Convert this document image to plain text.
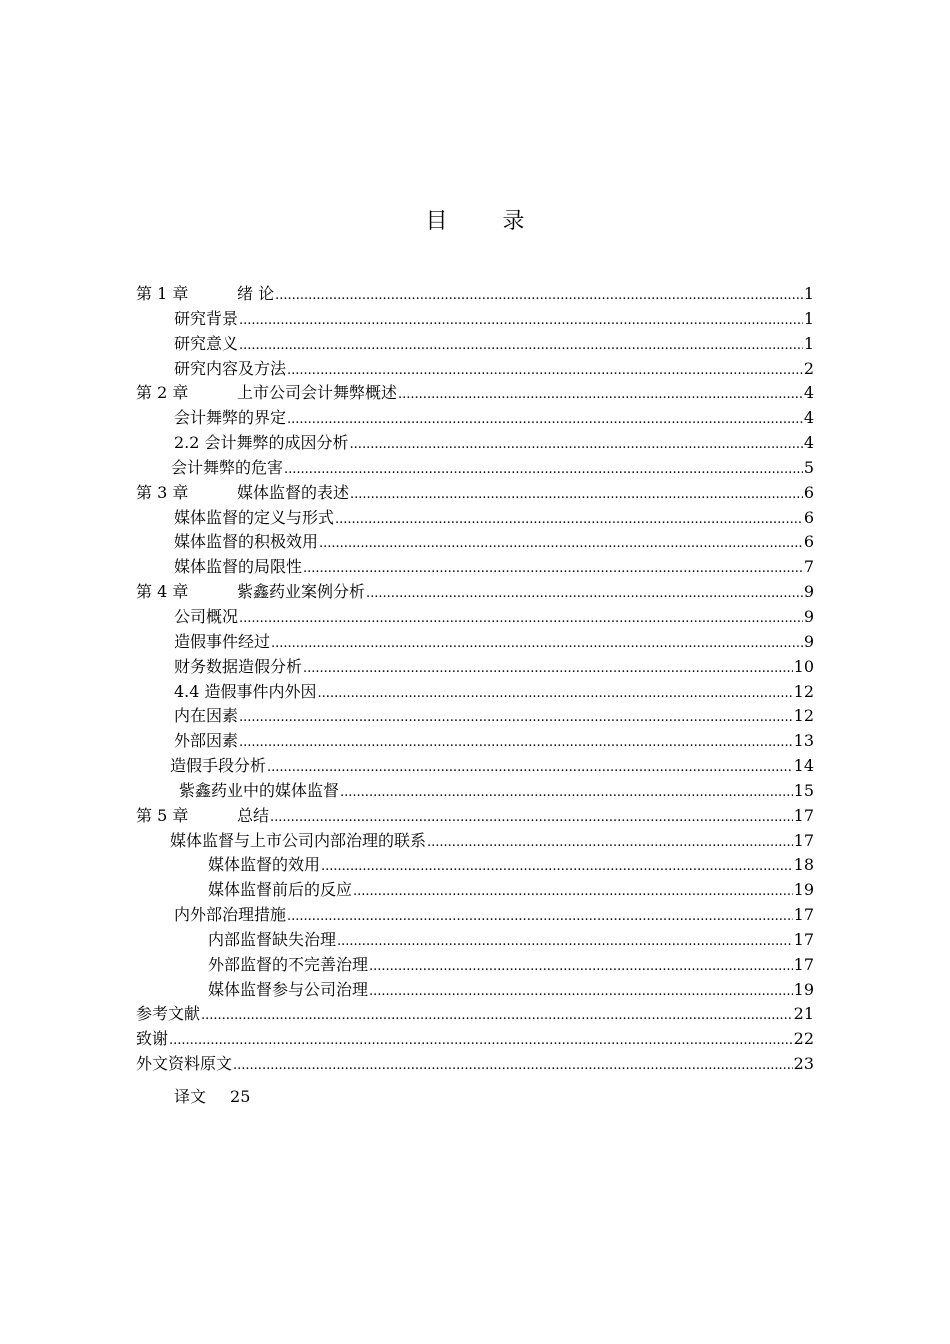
目 录
第 1 章	绪 论 .....	1
研究背景 .....	1
研究意义 .....	1
研究内容及方法 .....	2
第 2 章	上市公司会计舞弊概述 .....	4
会计舞弊的界定 .....	4
2.2 会计舞弊的成因分析 .....	4
会计舞弊的危害 .....	5
第 3 章	媒体监督的表述 .....	6
媒体监督的定义与形式 .....	6
媒体监督的积极效用 .....	6
媒体监督的局限性 .....	7
第 4 章	紫鑫药业案例分析 .....	9
公司概况 .....	9
造假事件经过 .....	9
财务数据造假分析 .....	10
4.4 造假事件内外因 .....	12
内在因素 .....	12
外部因素 .....	13
造假手段分析 .....	14
紫鑫药业中的媒体监督 .....	15
第 5 章	总结 .....	17
媒体监督与上市公司内部治理的联系 .....	17
媒体监督的效用 .....	18
媒体监督前后的反应 .....	19
内外部治理措施 .....	17
内部监督缺失治理 .....	17
外部监督的不完善治理 .....	17
媒体监督参与公司治理 .....	19
参考文献 .....	21
致谢 .....	22
外文资料原文 .....	23
译文 25
